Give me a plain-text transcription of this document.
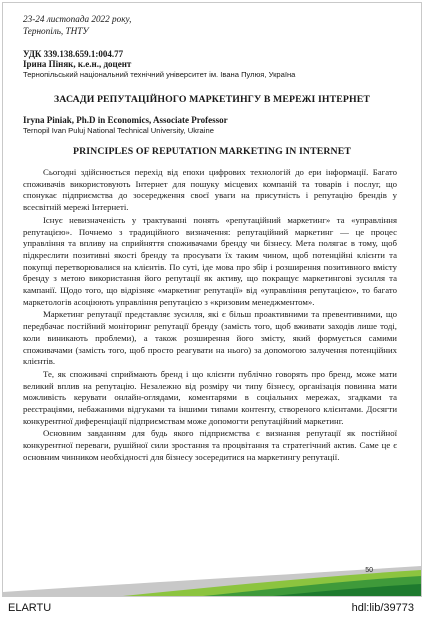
23-24 листопада 2022 року,
Тернопіль, ТНТУ
УДК 339.138.659.1:004.77
Ірина Піняк, к.е.н., доцент
Тернопільський національний технічний університет ім. Івана Пулюя, Україна
ЗАСАДИ РЕПУТАЦІЙНОГО МАРКЕТИНГУ В МЕРЕЖІ ІНТЕРНЕТ
Iryna Piniak, Ph.D in Economics, Associate Professor
Ternopil Ivan Puluj National Technical University, Ukraine
PRINCIPLES OF REPUTATION MARKETING IN INTERNET

Сьогодні здійснюється перехід від епохи цифрових технологій до ери інформації. Багато споживачів використовують Інтернет для пошуку місцевих компаній та товарів і послуг, що спонукає підприємства до зосередження своєї уваги на присутність і репутацію брендів у всесвітній мережі Інтернеті.

Існує невизначеність у трактуванні понять «репутаційний маркетинг» та «управління репутацією». Почнемо з традиційного визначення: репутаційний маркетинг — це процес управління та впливу на сприйняття споживачами бренду чи бізнесу. Мета полягає в тому, щоб підкреслити позитивні якості бренду та просувати їх таким чином, щоб потенційні клієнти та покупці перетворювалися на клієнтів. По суті, іде мова про збір і розширення позитивного вмісту бренду з метою використання його репутації як активу, що покращує маркетингові зусилля та кампанії. Щодо того, що відрізняє «маркетинг репутації» від «управління репутацією», то багато маркетологів асоціюють управління репутацією з «кризовим менеджментом».

Маркетинг репутації представляє зусилля, які є більш проактивними та превентивними, що передбачає постійний моніторинг репутації бренду (замість того, щоб вживати заходів лише тоді, коли виникають проблеми), а також розширення його змісту, який формується самими споживачами (замість того, щоб просто реагувати на нього) за допомогою залучення потенційних клієнтів.

Те, як споживачі сприймають бренд і що клієнти публічно говорять про бренд, може мати великий вплив на репутацію. Незалежно від розміру чи типу бізнесу, організація повинна мати можливість керувати онлайн-оглядами, коментарями в соціальних мережах, згадками та реєстраціями, небажаними відгуками та іншими типами контенту, створеного клієнтами. Досягти конкурентної диференціації підприємствам може допомогти репутаційний маркетинг.

Основним завданням для будь якого підприємства є визнання репутації як постійної конкурентної переваги, рушійної сили зростання та процвітання та стратегічний актив. Саме це є основним чинником необхідності для бізнесу зосередитися на маркетингу репутації.

50
ELARTU	hdl:lib/39773
